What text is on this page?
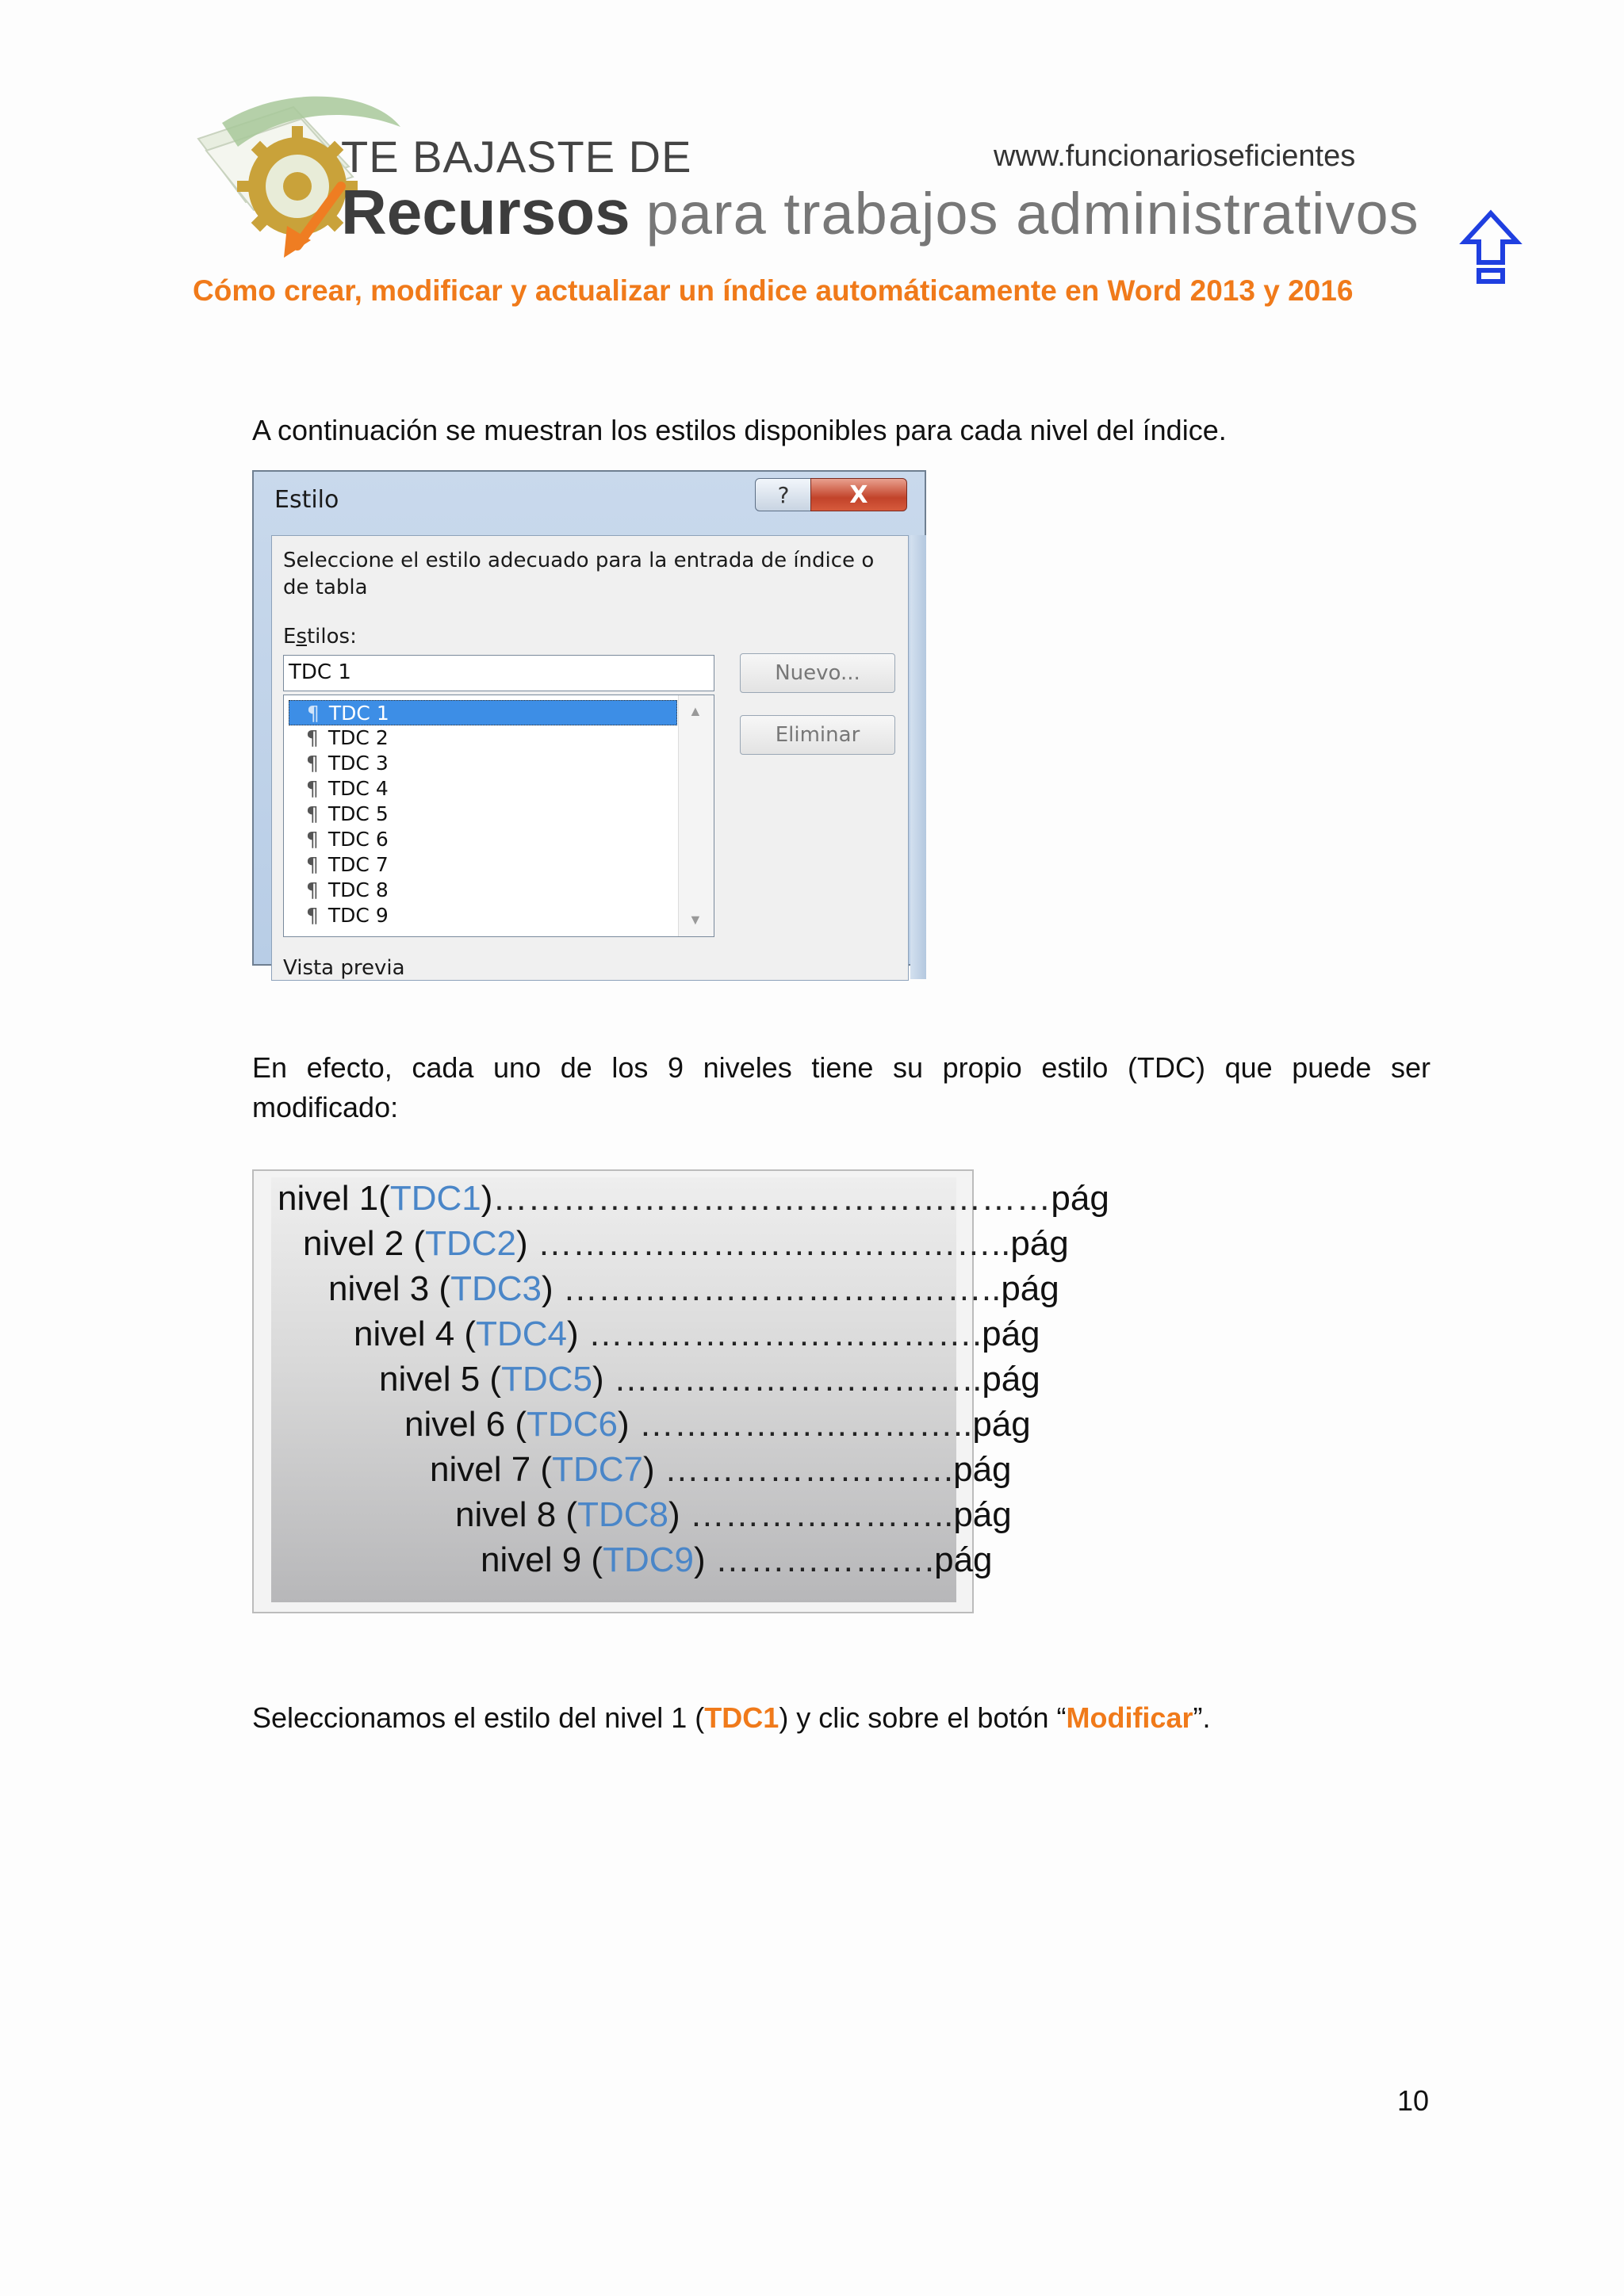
TE BAJASTE DE	www.funcionarioseficientes
Recursos para trabajos administrativos
Cómo crear, modificar y actualizar un índice automáticamente en Word 2013 y 2016
A continuación se muestran los estilos disponibles para cada nivel del índice.
Estilo	?	X
Seleccione el estilo adecuado para la entrada de índice o de tabla
Estilos:
TDC 1
¶ TDC 1
¶ TDC 2
¶ TDC 3
¶ TDC 4
¶ TDC 5
¶ TDC 6
¶ TDC 7
¶ TDC 8
¶ TDC 9
▲
▼
Nuevo...
Eliminar
Vista previa
En efecto, cada uno de los 9 niveles tiene su propio estilo (TDC) que puede ser
modificado:
nivel 1(TDC1)…………………………………………pág
nivel 2 (TDC2) …………………………………..pág
nivel 3 (TDC3) ………………………………..pág
nivel 4 (TDC4) …………………………….pág
nivel 5 (TDC5) …………………………..pág
nivel 6 (TDC6) ………………………..pág
nivel 7 (TDC7) …………………….pág
nivel 8 (TDC8) …………………..pág
nivel 9 (TDC9) ……………….pág
Seleccionamos el estilo del nivel 1 (TDC1) y clic sobre el botón “Modificar”.
10
